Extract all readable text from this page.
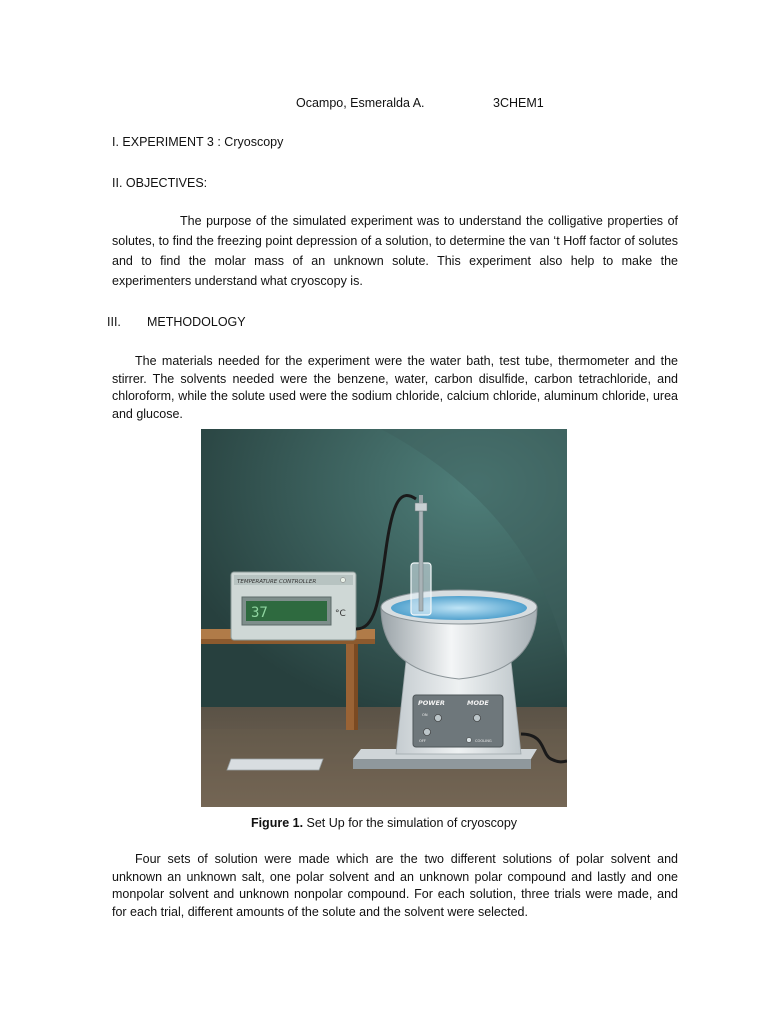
Ocampo, Esmeralda A.	3CHEM1
I. EXPERIMENT 3 : Cryoscopy
II. OBJECTIVES:
The purpose of the simulated experiment was to understand the colligative properties of solutes, to find the freezing point depression of a solution, to determine the van ‘t Hoff factor of solutes and to find the molar mass of an unknown solute. This experiment also help to make the experimenters understand what cryoscopy is.
III. METHODOLOGY
The materials needed for the experiment were the water bath, test tube, thermometer and the stirrer. The solvents needed were the benzene, water, carbon disulfide, carbon tetrachloride, and chloroform, while the solute used were the sodium chloride, calcium chloride, aluminum chloride, urea and glucose.
TEMPERATURE CONTROLLER
37	°C
POWER	MODE
ON
OFF	COOLING
Figure 1. Set Up for the simulation of cryoscopy
Four sets of solution were made which are the two different solutions of polar solvent and unknown an unknown salt, one polar solvent and an unknown polar compound and lastly and one monpolar solvent and unknown nonpolar compound. For each solution, three trials were made, and for each trial, different amounts of the solute and the solvent were selected.
